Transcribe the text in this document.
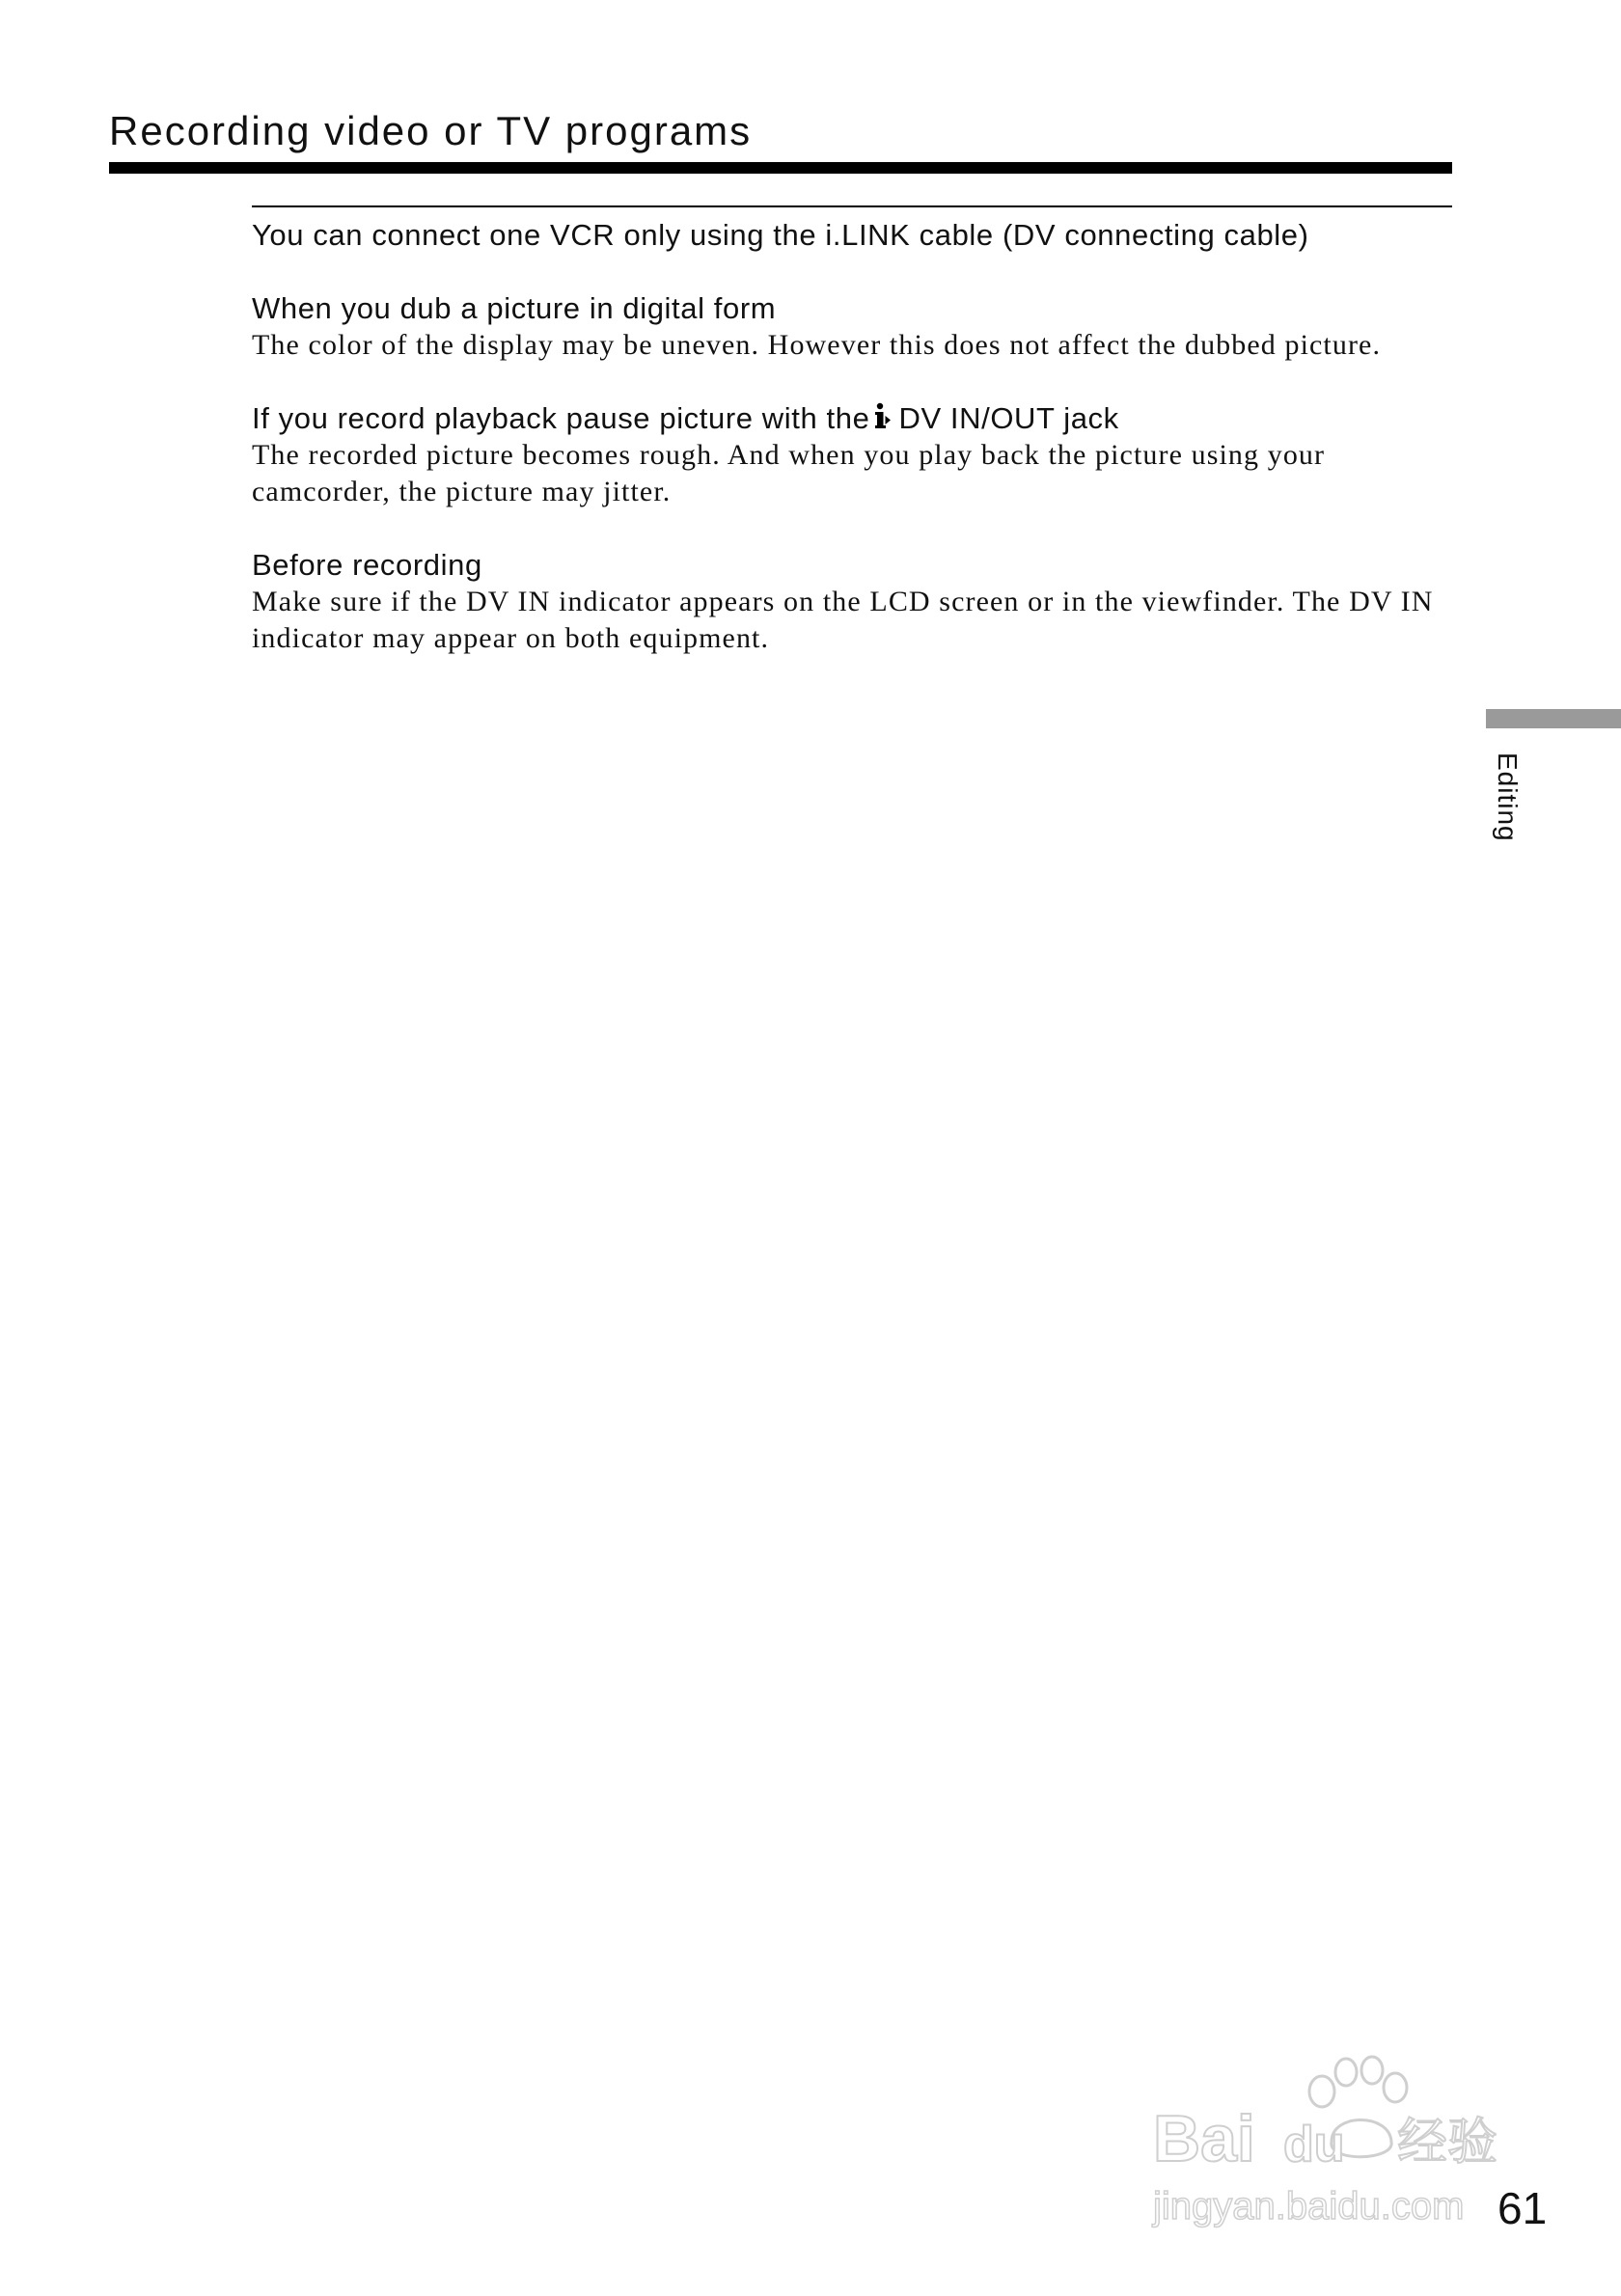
Recording video or TV programs

You can connect one VCR only using the i.LINK cable (DV connecting cable)

When you dub a picture in digital form

The color of the display may be uneven. However this does not affect the dubbed picture.

If you record playback pause picture with the DV IN/OUT jack

The recorded picture becomes rough. And when you play back the picture using your camcorder, the picture may jitter.

Before recording

Make sure if the DV IN indicator appears on the LCD screen or in the viewfinder. The DV IN indicator may appear on both equipment.

Editing
Bai du 经验
jingyan.baidu.com 61
